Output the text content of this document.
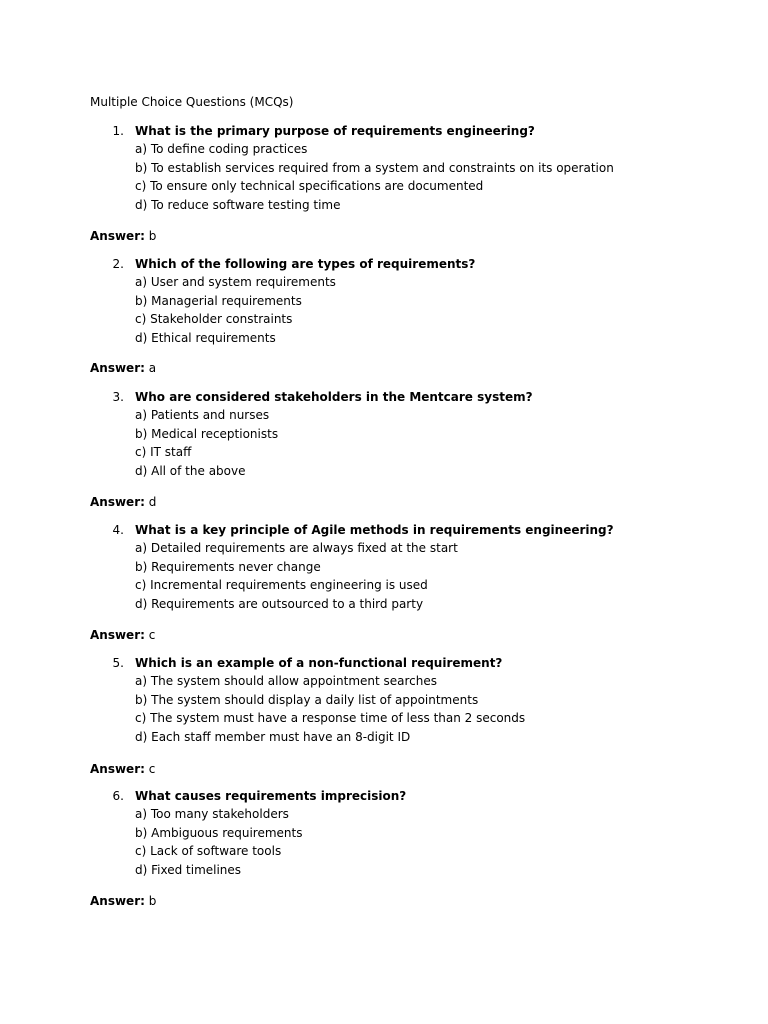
Multiple Choice Questions (MCQs)
1. What is the primary purpose of requirements engineering?
a) To define coding practices
b) To establish services required from a system and constraints on its operation
c) To ensure only technical specifications are documented
d) To reduce software testing time
Answer: b
2. Which of the following are types of requirements?
a) User and system requirements
b) Managerial requirements
c) Stakeholder constraints
d) Ethical requirements
Answer: a
3. Who are considered stakeholders in the Mentcare system?
a) Patients and nurses
b) Medical receptionists
c) IT staff
d) All of the above
Answer: d
4. What is a key principle of Agile methods in requirements engineering?
a) Detailed requirements are always fixed at the start
b) Requirements never change
c) Incremental requirements engineering is used
d) Requirements are outsourced to a third party
Answer: c
5. Which is an example of a non-functional requirement?
a) The system should allow appointment searches
b) The system should display a daily list of appointments
c) The system must have a response time of less than 2 seconds
d) Each staff member must have an 8-digit ID
Answer: c
6. What causes requirements imprecision?
a) Too many stakeholders
b) Ambiguous requirements
c) Lack of software tools
d) Fixed timelines
Answer: b
